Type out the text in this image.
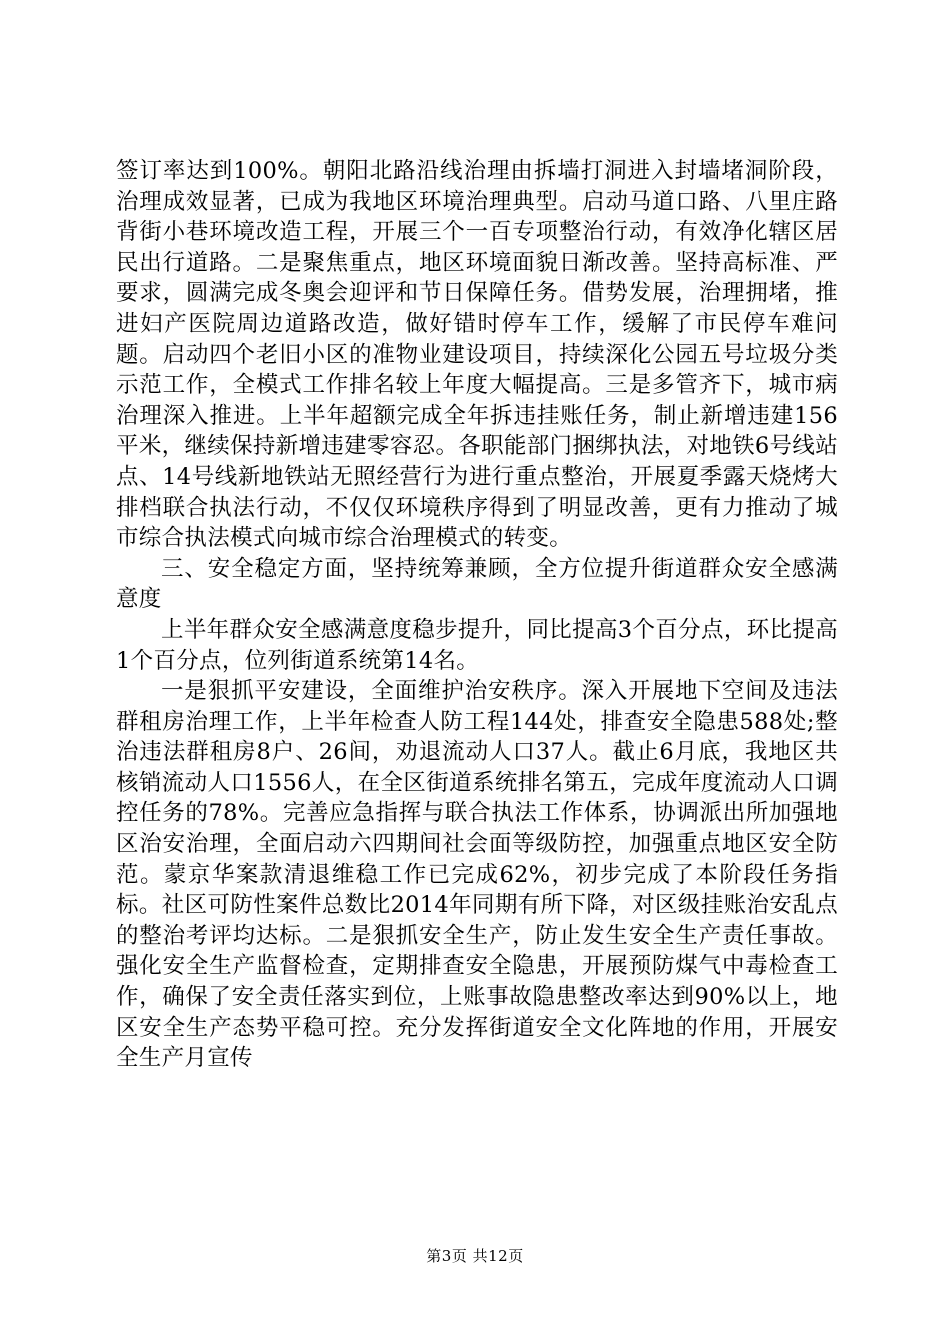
签订率达到100%。朝阳北路沿线治理由拆墙打洞进入封墙堵洞阶段，治理成效显著，已成为我地区环境治理典型。启动马道口路、八里庄路背街小巷环境改造工程，开展三个一百专项整治行动，有效净化辖区居民出行道路。二是聚焦重点，地区环境面貌日渐改善。坚持高标准、严要求，圆满完成冬奥会迎评和节日保障任务。借势发展，治理拥堵，推进妇产医院周边道路改造，做好错时停车工作，缓解了市民停车难问题。启动四个老旧小区的准物业建设项目，持续深化公园五号垃圾分类示范工作，全模式工作排名较上年度大幅提高。三是多管齐下，城市病治理深入推进。上半年超额完成全年拆违挂账任务，制止新增违建156平米，继续保持新增违建零容忍。各职能部门捆绑执法，对地铁6号线站点、14号线新地铁站无照经营行为进行重点整治，开展夏季露天烧烤大排档联合执法行动，不仅仅环境秩序得到了明显改善，更有力推动了城市综合执法模式向城市综合治理模式的转变。

三、安全稳定方面，坚持统筹兼顾，全方位提升街道群众安全感满意度

上半年群众安全感满意度稳步提升，同比提高3个百分点，环比提高1个百分点，位列街道系统第14名。

一是狠抓平安建设，全面维护治安秩序。深入开展地下空间及违法群租房治理工作，上半年检查人防工程144处，排查安全隐患588处;整治违法群租房8户、26间，劝退流动人口37人。截止6月底，我地区共核销流动人口1556人，在全区街道系统排名第五，完成年度流动人口调控任务的78%。完善应急指挥与联合执法工作体系，协调派出所加强地区治安治理，全面启动六四期间社会面等级防控，加强重点地区安全防范。蒙京华案款清退维稳工作已完成62%，初步完成了本阶段任务指标。社区可防性案件总数比2014年同期有所下降，对区级挂账治安乱点的整治考评均达标。二是狠抓安全生产，防止发生安全生产责任事故。强化安全生产监督检查，定期排查安全隐患，开展预防煤气中毒检查工作，确保了安全责任落实到位，上账事故隐患整改率达到90%以上，地区安全生产态势平稳可控。充分发挥街道安全文化阵地的作用，开展安全生产月宣传

第3页 共12页
